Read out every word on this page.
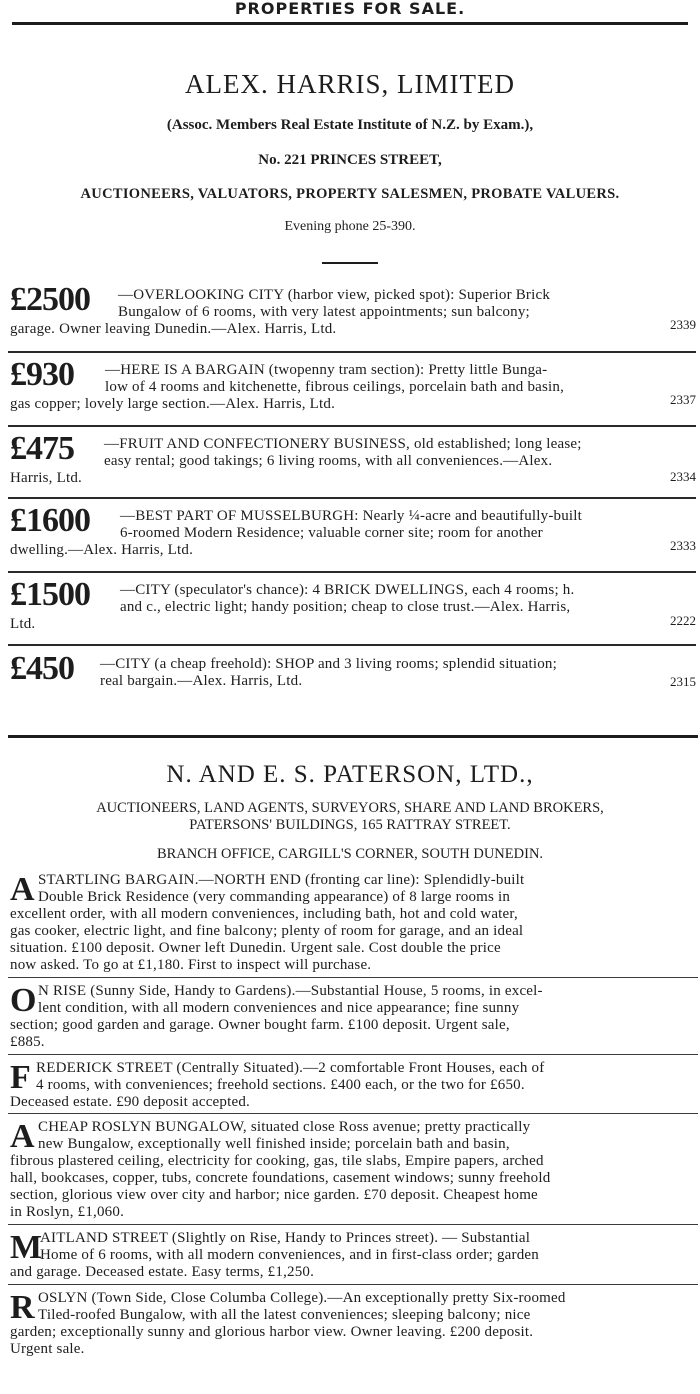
PROPERTIES FOR SALE.
ALEX. HARRIS, LIMITED
(Assoc. Members Real Estate Institute of N.Z. by Exam.),
No. 221 PRINCES STREET,
AUCTIONEERS, VALUATORS, PROPERTY SALESMEN, PROBATE VALUERS.
Evening phone 25-390.
£2500	—OVERLOOKING CITY (harbor view, picked spot): Superior Brick
Bungalow of 6 rooms, with very latest appointments; sun balcony;
garage. Owner leaving Dunedin.—Alex. Harris, Ltd.	2339
£930	—HERE IS A BARGAIN (twopenny tram section): Pretty little Bunga-
low of 4 rooms and kitchenette, fibrous ceilings, porcelain bath and basin,
gas copper; lovely large section.—Alex. Harris, Ltd.	2337
£475	—FRUIT AND CONFECTIONERY BUSINESS, old established; long lease;
easy rental; good takings; 6 living rooms, with all conveniences.—Alex.
Harris, Ltd.	2334
£1600	—BEST PART OF MUSSELBURGH: Nearly ¼-acre and beautifully-built
6-roomed Modern Residence; valuable corner site; room for another
dwelling.—Alex. Harris, Ltd.	2333
£1500	—CITY (speculator's chance): 4 BRICK DWELLINGS, each 4 rooms; h.
and c., electric light; handy position; cheap to close trust.—Alex. Harris,
Ltd.	2222
£450	—CITY (a cheap freehold): SHOP and 3 living rooms; splendid situation;
real bargain.—Alex. Harris, Ltd.	2315
N. AND E. S. PATERSON, LTD.,
AUCTIONEERS, LAND AGENTS, SURVEYORS, SHARE AND LAND BROKERS,
PATERSONS' BUILDINGS, 165 RATTRAY STREET.
BRANCH OFFICE, CARGILL'S CORNER, SOUTH DUNEDIN.
A STARTLING BARGAIN.—NORTH END (fronting car line): Splendidly-built
Double Brick Residence (very commanding appearance) of 8 large rooms in
excellent order, with all modern conveniences, including bath, hot and cold water,
gas cooker, electric light, and fine balcony; plenty of room for garage, and an ideal
situation. £100 deposit. Owner left Dunedin. Urgent sale. Cost double the price
now asked. To go at £1,180. First to inspect will purchase.
O N RISE (Sunny Side, Handy to Gardens).—Substantial House, 5 rooms, in excel-
lent condition, with all modern conveniences and nice appearance; fine sunny
section; good garden and garage. Owner bought farm. £100 deposit. Urgent sale,
£885.
F REDERICK STREET (Centrally Situated).—2 comfortable Front Houses, each of
4 rooms, with conveniences; freehold sections. £400 each, or the two for £650.
Deceased estate. £90 deposit accepted.
A CHEAP ROSLYN BUNGALOW, situated close Ross avenue; pretty practically
new Bungalow, exceptionally well finished inside; porcelain bath and basin,
fibrous plastered ceiling, electricity for cooking, gas, tile slabs, Empire papers, arched
hall, bookcases, copper, tubs, concrete foundations, casement windows; sunny freehold
section, glorious view over city and harbor; nice garden. £70 deposit. Cheapest home
in Roslyn, £1,060.
M
AITLAND STREET (Slightly on Rise, Handy to Princes street). — Substantial
Home of 6 rooms, with all modern conveniences, and in first-class order; garden
and garage. Deceased estate. Easy terms, £1,250.
R OSLYN (Town Side, Close Columba College).—An exceptionally pretty Six-roomed
Tiled-roofed Bungalow, with all the latest conveniences; sleeping balcony; nice
garden; exceptionally sunny and glorious harbor view. Owner leaving. £200 deposit.
Urgent sale.
